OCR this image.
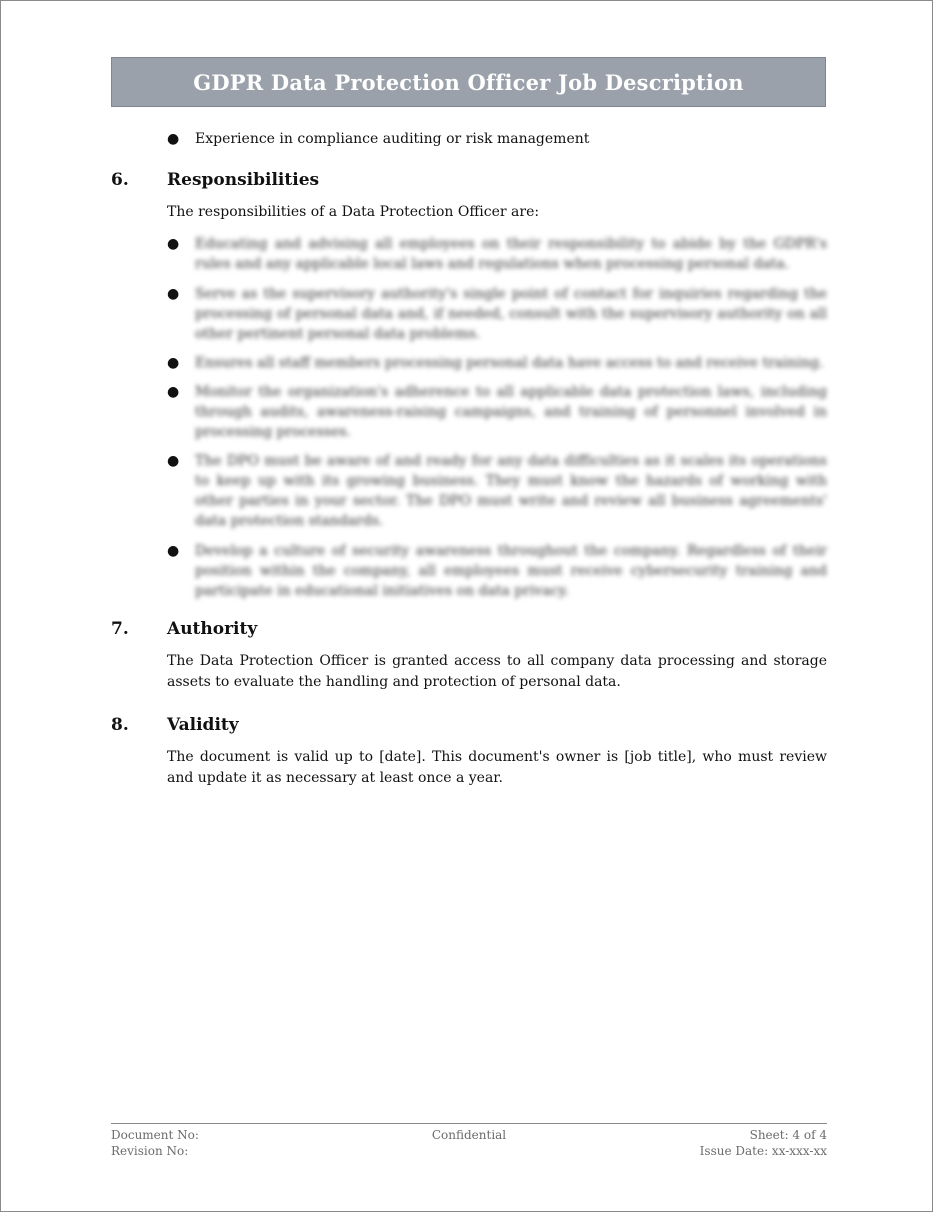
GDPR Data Protection Officer Job Description
●	Experience in compliance auditing or risk management
6. Responsibilities
The responsibilities of a Data Protection Officer are:
●	Educating and advising all employees on their responsibility to abide by the GDPR's rules and any applicable local laws and regulations when processing personal data.
●	Serve as the supervisory authority's single point of contact for inquiries regarding the processing of personal data and, if needed, consult with the supervisory authority on all other pertinent personal data problems.
●	Ensures all staff members processing personal data have access to and receive training.
●	Monitor the organization's adherence to all applicable data protection laws, including through audits, awareness-raising campaigns, and training of personnel involved in processing processes.
●	The DPO must be aware of and ready for any data difficulties as it scales its operations to keep up with its growing business. They must know the hazards of working with other parties in your sector. The DPO must write and review all business agreements' data protection standards.
●	Develop a culture of security awareness throughout the company. Regardless of their position within the company, all employees must receive cybersecurity training and participate in educational initiatives on data privacy.
7. Authority
The Data Protection Officer is granted access to all company data processing and storage assets to evaluate the handling and protection of personal data.
8. Validity
The document is valid up to [date]. This document's owner is [job title], who must review and update it as necessary at least once a year.
Document No:
Revision No:
Confidential	Sheet: 4 of 4
Issue Date: xx-xxx-xx
